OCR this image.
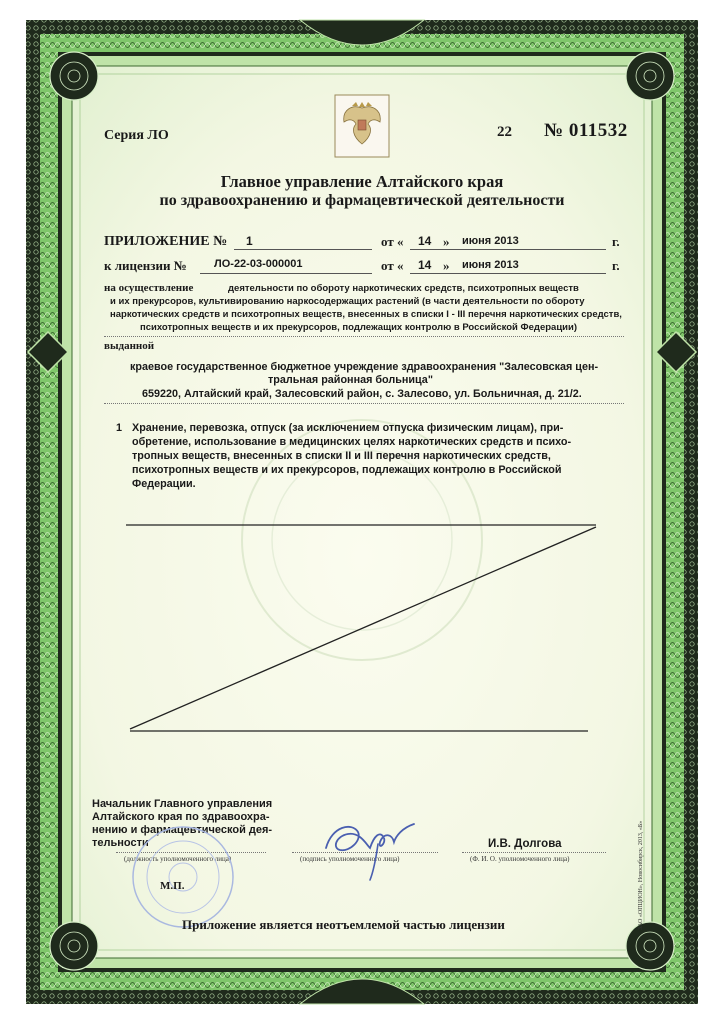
Серия ЛО	22 № 011532
Главное управление Алтайского края
по здравоохранению и фармацевтической деятельности
ПРИЛОЖЕНИЕ № 1	от « 14 » июня 2013	г.
к лицензии № ЛО-22-03-000001	от « 14 » июня 2013	г.
на осуществление	деятельности по обороту наркотических средств, психотропных веществ
и их прекурсоров, культивированию наркосодержащих растений (в части деятельности по обороту
наркотических средств и психотропных веществ, внесенных в списки I - III перечня наркотических средств,
психотропных веществ и их прекурсоров, подлежащих контролю в Российской Федерации)
выданной
краевое государственное бюджетное учреждение здравоохранения "Залесовская цен-
тральная районная больница"
659220, Алтайский край, Залесовский район, с. Залесово, ул. Больничная, д. 21/2.
1 Хранение, перевозка, отпуск (за исключением отпуска физическим лицам), при-
обретение, использование в медицинских целях наркотических средств и психо-
тропных веществ, внесенных в списки II и III перечня наркотических средств,
психотропных веществ и их прекурсоров, подлежащих контролю в Российской
Федерации.
Начальник Главного управления
Алтайского края по здравоохра-
нению и фармацевтической дея-
тельности
(должность уполномоченного лица)	(подпись уполномоченного лица)
И.В. Долгова
(Ф. И. О. уполномоченного лица)
М.П.
Приложение является неотъемлемой частью лицензии	ЗАО «ОПЦИОН», Новосибирск, 2013, «Б»
